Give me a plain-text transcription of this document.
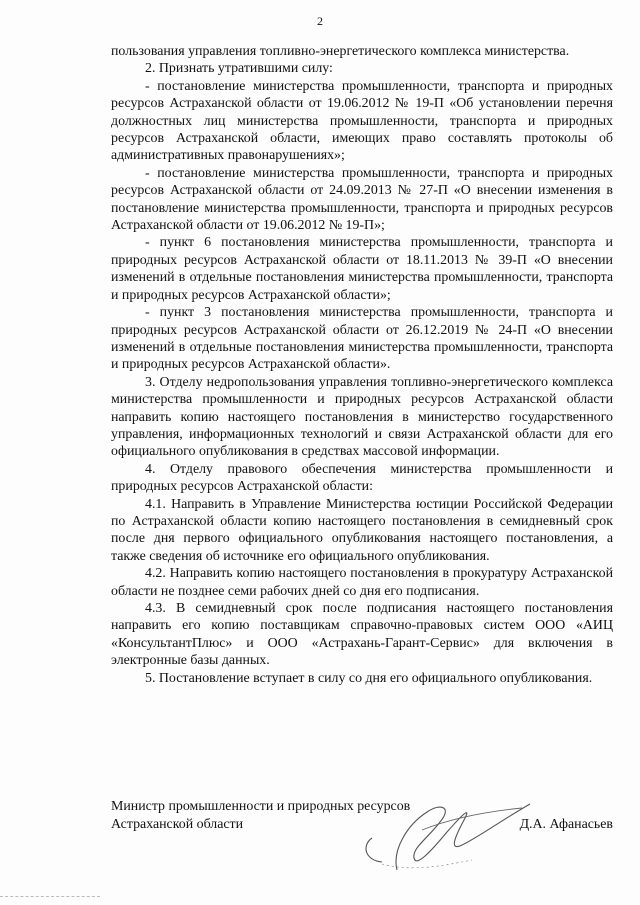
2

пользования управления топливно-энергетического комплекса министерства.

2. Признать утратившими силу:

- постановление министерства промышленности, транспорта и природных ресурсов Астраханской области от 19.06.2012 № 19-П «Об установлении перечня должностных лиц министерства промышленности, транспорта и природных ресурсов Астраханской области, имеющих право составлять протоколы об административных правонарушениях»;

- постановление министерства промышленности, транспорта и природных ресурсов Астраханской области от 24.09.2013 № 27-П «О внесении изменения в постановление министерства промышленности, транспорта и природных ресурсов Астраханской области от 19.06.2012 № 19-П»;

- пункт 6 постановления министерства промышленности, транспорта и природных ресурсов Астраханской области от 18.11.2013 № 39-П «О внесении изменений в отдельные постановления министерства промышленности, транспорта и природных ресурсов Астраханской области»;

- пункт 3 постановления министерства промышленности, транспорта и природных ресурсов Астраханской области от 26.12.2019 № 24-П «О внесении изменений в отдельные постановления министерства промышленности, транспорта и природных ресурсов Астраханской области».

3. Отделу недропользования управления топливно-энергетического комплекса министерства промышленности и природных ресурсов Астраханской области направить копию настоящего постановления в министерство государственного управления, информационных технологий и связи Астраханской области для его официального опубликования в средствах массовой информации.

4. Отделу правового обеспечения министерства промышленности и природных ресурсов Астраханской области:

4.1. Направить в Управление Министерства юстиции Российской Федерации по Астраханской области копию настоящего постановления в семидневный срок после дня первого официального опубликования настоящего постановления, а также сведения об источнике его официального опубликования.

4.2. Направить копию настоящего постановления в прокуратуру Астраханской области не позднее семи рабочих дней со дня его подписания.

4.3. В семидневный срок после подписания настоящего постановления направить его копию поставщикам справочно-правовых систем ООО «АИЦ «КонсультантПлюс» и ООО «Астрахань-Гарант-Сервис» для включения в электронные базы данных.

5. Постановление вступает в силу со дня его официального опубликования.

Министр промышленности и природных ресурсов Астраханской области	Д.А. Афанасьев
